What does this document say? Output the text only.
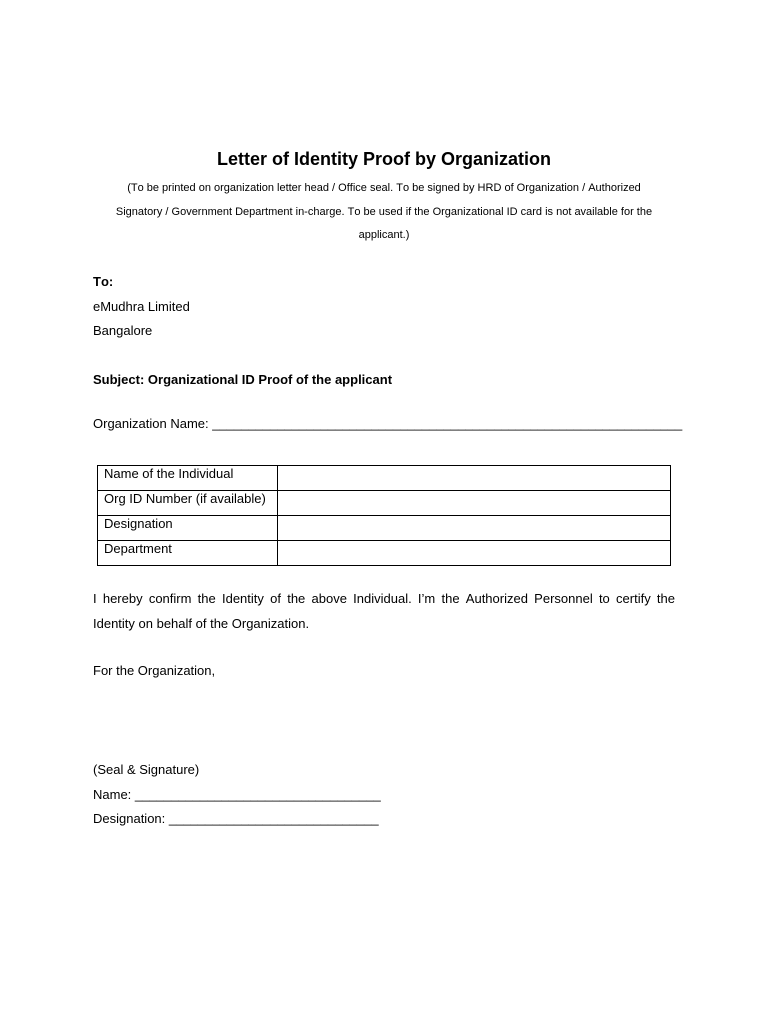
Letter of Identity Proof by Organization
(To be printed on organization letter head / Office seal. To be signed by HRD of Organization / Authorized
Signatory / Government Department in-charge. To be used if the Organizational ID card is not available for the
applicant.)
To:
eMudhra Limited
Bangalore
Subject: Organizational ID Proof of the applicant
Organization Name: _________________________________________________________________
Name of the Individual	
Org ID Number (if available)	
Designation	
Department	

I hereby confirm the Identity of the above Individual. I’m the Authorized Personnel to certify the Identity on behalf of the Organization.

For the Organization,
(Seal & Signature)
Name: __________________________________
Designation: _____________________________
